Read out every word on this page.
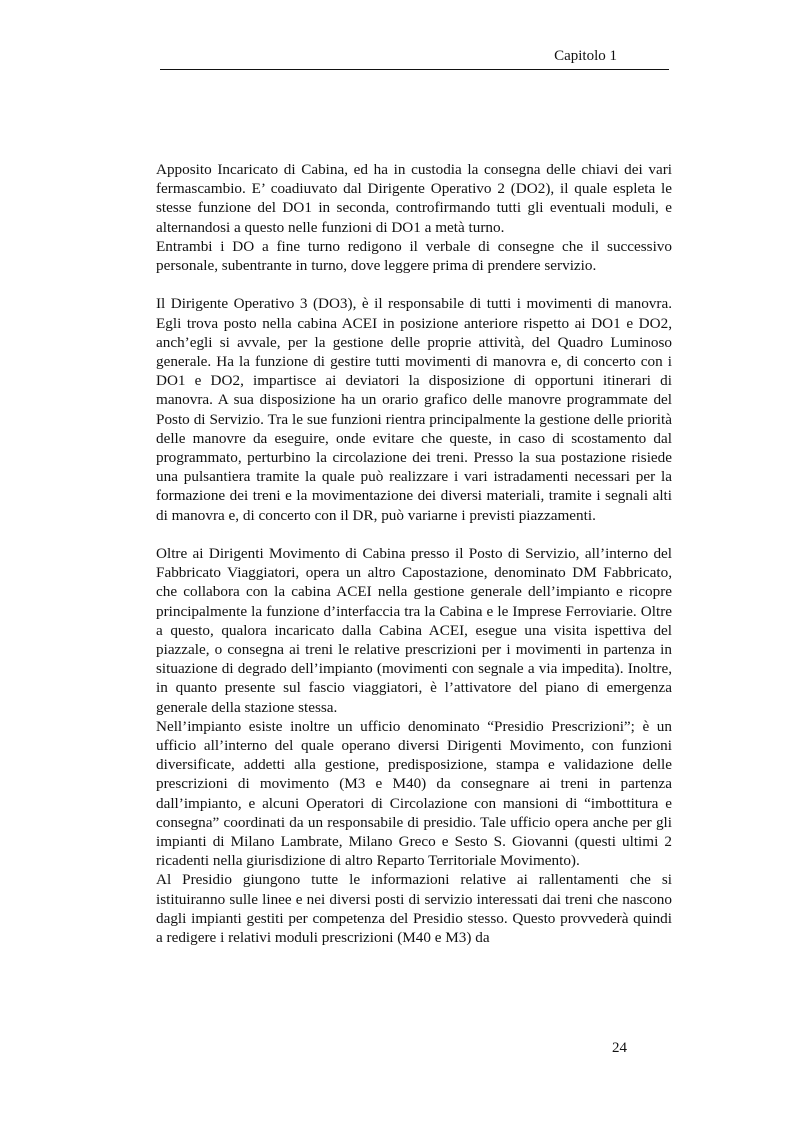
Capitolo 1

Apposito Incaricato di Cabina, ed ha in custodia la consegna delle chiavi dei vari fermascambio. E’ coadiuvato dal Dirigente Operativo 2 (DO2), il quale espleta le stesse funzione del DO1 in seconda, controfirmando tutti gli eventuali moduli, e alternandosi a questo nelle funzioni di DO1 a metà turno.

Entrambi i DO a fine turno redigono il verbale di consegne che il successivo personale, subentrante in turno, dove leggere prima di prendere servizio.

Il Dirigente Operativo 3 (DO3), è il responsabile di tutti i movimenti di manovra. Egli trova posto nella cabina ACEI in posizione anteriore rispetto ai DO1 e DO2, anch’egli si avvale, per la gestione delle proprie attività, del Quadro Luminoso generale. Ha la funzione di gestire tutti movimenti di manovra e, di concerto con i DO1 e DO2, impartisce ai deviatori la disposizione di opportuni itinerari di manovra. A sua disposizione ha un orario grafico delle manovre programmate del Posto di Servizio. Tra le sue funzioni rientra principalmente la gestione delle priorità delle manovre da eseguire, onde evitare che queste, in caso di scostamento dal programmato, perturbino la circolazione dei treni. Presso la sua postazione risiede una pulsantiera tramite la quale può realizzare i vari istradamenti necessari per la formazione dei treni e la movimentazione dei diversi materiali, tramite i segnali alti di manovra e, di concerto con il DR, può variarne i previsti piazzamenti.

Oltre ai Dirigenti Movimento di Cabina presso il Posto di Servizio, all’interno del Fabbricato Viaggiatori, opera un altro Capostazione, denominato DM Fabbricato, che collabora con la cabina ACEI nella gestione generale dell’impianto e ricopre principalmente la funzione d’interfaccia tra la Cabina e le Imprese Ferroviarie. Oltre a questo, qualora incaricato dalla Cabina ACEI, esegue una visita ispettiva del piazzale, o consegna ai treni le relative prescrizioni per i movimenti in partenza in situazione di degrado dell’impianto (movimenti con segnale a via impedita). Inoltre, in quanto presente sul fascio viaggiatori, è l’attivatore del piano di emergenza generale della stazione stessa.

Nell’impianto esiste inoltre un ufficio denominato “Presidio Prescrizioni”; è un ufficio all’interno del quale operano diversi Dirigenti Movimento, con funzioni diversificate, addetti alla gestione, predisposizione, stampa e validazione delle prescrizioni di movimento (M3 e M40) da consegnare ai treni in partenza dall’impianto, e alcuni Operatori di Circolazione con mansioni di “imbottitura e consegna” coordinati da un responsabile di presidio. Tale ufficio opera anche per gli impianti di Milano Lambrate, Milano Greco e Sesto S. Giovanni (questi ultimi 2 ricadenti nella giurisdizione di altro Reparto Territoriale Movimento).

Al Presidio giungono tutte le informazioni relative ai rallentamenti che si istituiranno sulle linee e nei diversi posti di servizio interessati dai treni che nascono dagli impianti gestiti per competenza del Presidio stesso. Questo provvederà quindi a redigere i relativi moduli prescrizioni (M40 e M3) da

24
